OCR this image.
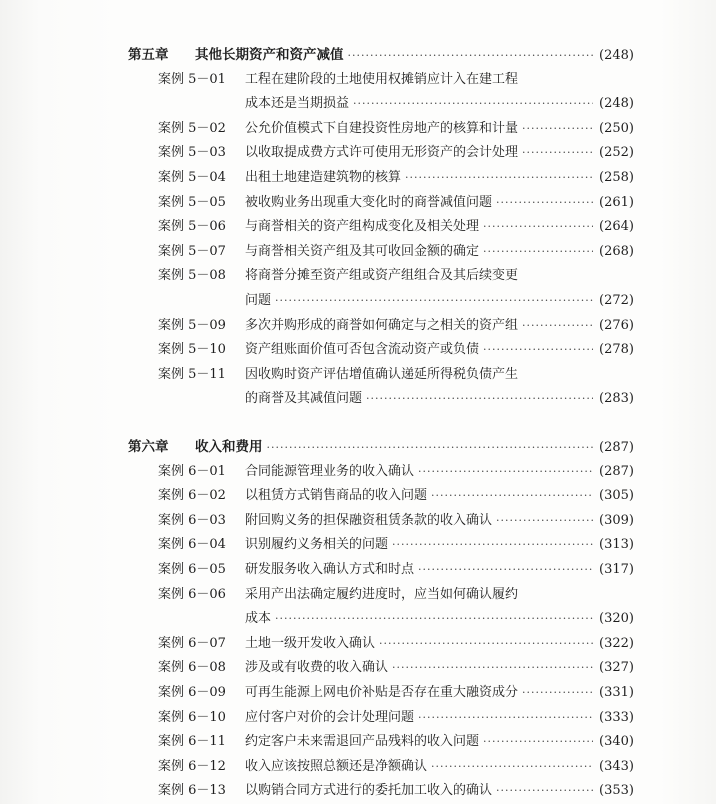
第五章	其他长期资产和资产减值 ·····	(248)
案例 5－01 工程在建阶段的土地使用权摊销应计入在建工程
成本还是当期损益 ·····	(248)
案例 5－02 公允价值模式下自建投资性房地产的核算和计量 ·····	(250)
案例 5－03 以收取提成费方式许可使用无形资产的会计处理 ·····	(252)
案例 5－04 出租土地建造建筑物的核算 ·····	(258)
案例 5－05 被收购业务出现重大变化时的商誉减值问题 ·····	(261)
案例 5－06 与商誉相关的资产组构成变化及相关处理 ·····	(264)
案例 5－07 与商誉相关资产组及其可收回金额的确定 ·····	(268)
案例 5－08 将商誉分摊至资产组或资产组组合及其后续变更
问题 ·····	(272)
案例 5－09 多次并购形成的商誉如何确定与之相关的资产组 ·····	(276)
案例 5－10 资产组账面价值可否包含流动资产或负债 ·····	(278)
案例 5－11 因收购时资产评估增值确认递延所得税负债产生
的商誉及其减值问题 ·····	(283)
第六章	收入和费用 ·····	(287)
案例 6－01 合同能源管理业务的收入确认 ·····	(287)
案例 6－02 以租赁方式销售商品的收入问题 ·····	(305)
案例 6－03 附回购义务的担保融资租赁条款的收入确认 ·····	(309)
案例 6－04 识别履约义务相关的问题 ·····	(313)
案例 6－05 研发服务收入确认方式和时点 ·····	(317)
案例 6－06 采用产出法确定履约进度时，应当如何确认履约
成本 ·····	(320)
案例 6－07 土地一级开发收入确认 ·····	(322)
案例 6－08 涉及或有收费的收入确认 ·····	(327)
案例 6－09 可再生能源上网电价补贴是否存在重大融资成分 ·····	(331)
案例 6－10 应付客户对价的会计处理问题 ·····	(333)
案例 6－11 约定客户未来需退回产品残料的收入问题 ·····	(340)
案例 6－12 收入应该按照总额还是净额确认 ·····	(343)
案例 6－13 以购销合同方式进行的委托加工收入的确认 ·····	(353)
